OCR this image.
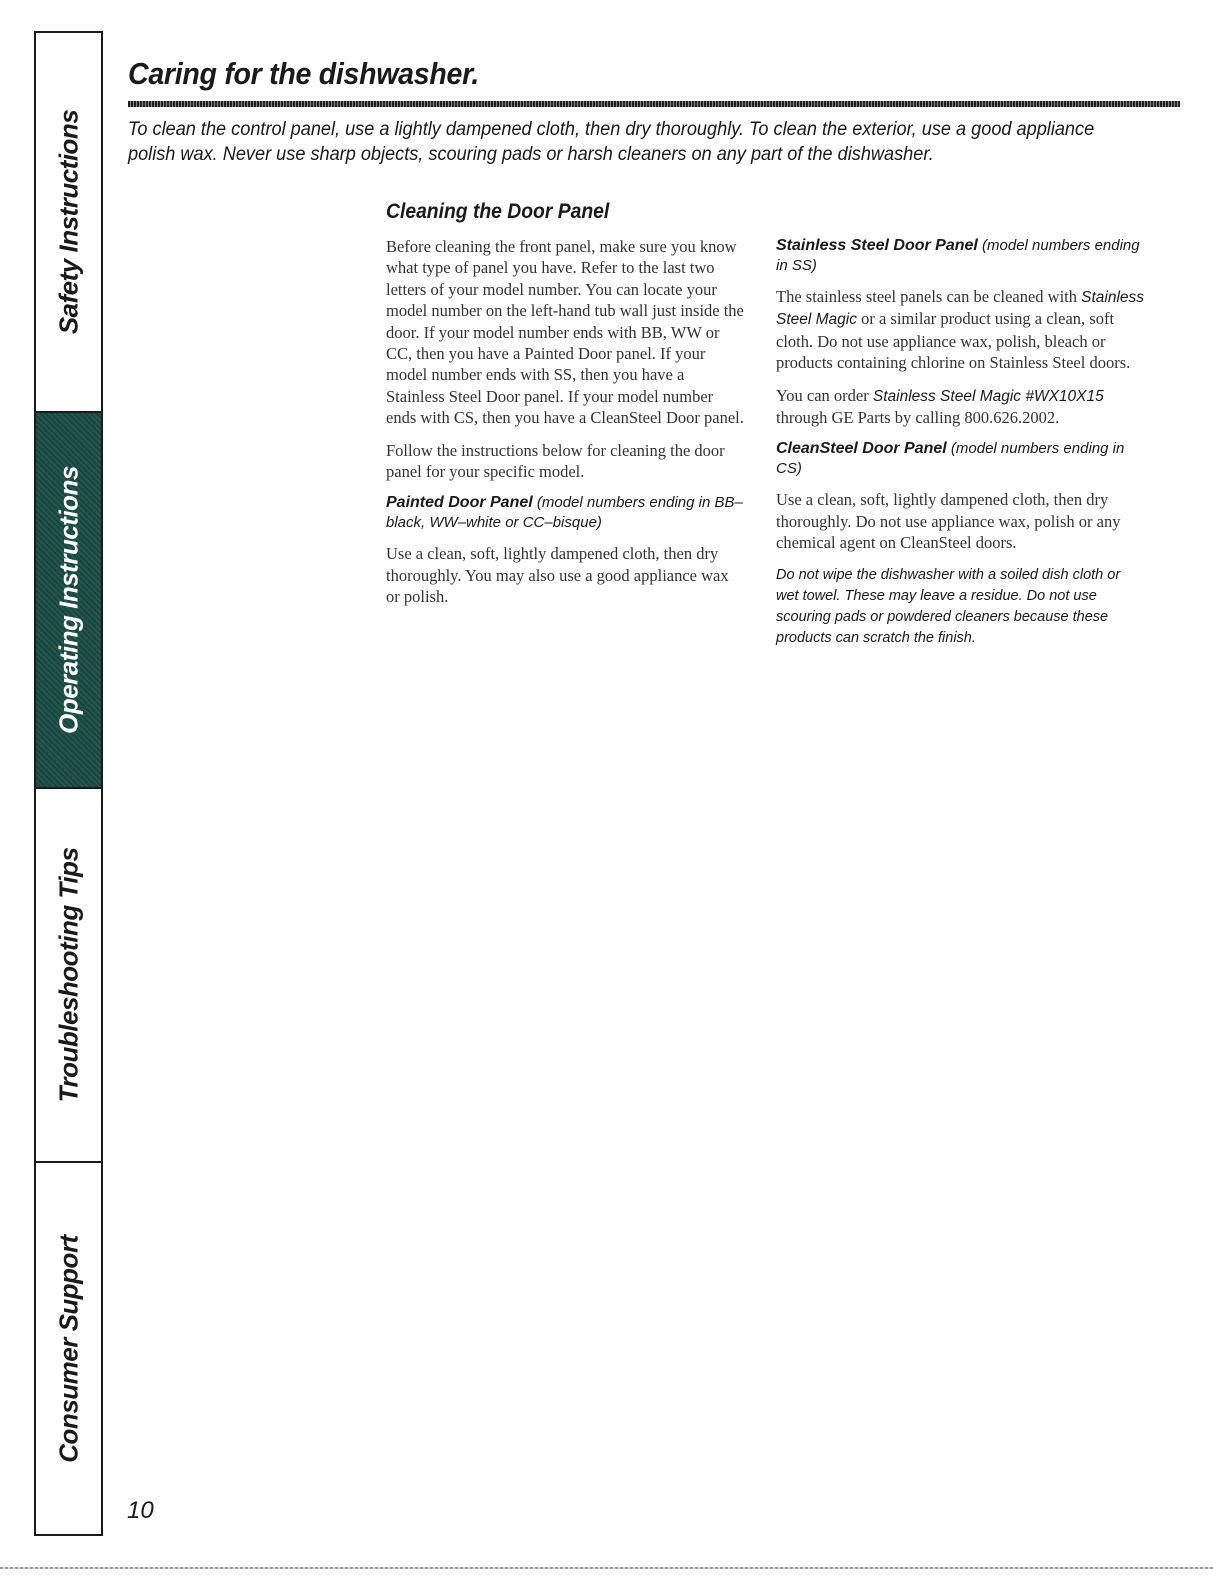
Safety Instructions
Operating Instructions
Troubleshooting Tips
Consumer Support
Caring for the dishwasher.

To clean the control panel, use a lightly dampened cloth, then dry thoroughly. To clean the exterior, use a good appliance polish wax. Never use sharp objects, scouring pads or harsh cleaners on any part of the dishwasher.

Cleaning the Door Panel

Before cleaning the front panel, make sure you know what type of panel you have. Refer to the last two letters of your model number. You can locate your model number on the left-hand tub wall just inside the door. If your model number ends with BB, WW or CC, then you have a Painted Door panel. If your model number ends with SS, then you have a Stainless Steel Door panel. If your model number ends with CS, then you have a CleanSteel Door panel.

Follow the instructions below for cleaning the door panel for your specific model.

Painted Door Panel (model numbers ending in BB–black, WW–white or CC–bisque)

Use a clean, soft, lightly dampened cloth, then dry thoroughly. You may also use a good appliance wax or polish.

Stainless Steel Door Panel (model numbers ending in SS)

The stainless steel panels can be cleaned with Stainless Steel Magic or a similar product using a clean, soft cloth. Do not use appliance wax, polish, bleach or products containing chlorine on Stainless Steel doors.

You can order Stainless Steel Magic #WX10X15 through GE Parts by calling 800.626.2002.

CleanSteel Door Panel (model numbers ending in CS)

Use a clean, soft, lightly dampened cloth, then dry thoroughly. Do not use appliance wax, polish or any chemical agent on CleanSteel doors.

Do not wipe the dishwasher with a soiled dish cloth or wet towel. These may leave a residue. Do not use scouring pads or powdered cleaners because these products can scratch the finish.
10
